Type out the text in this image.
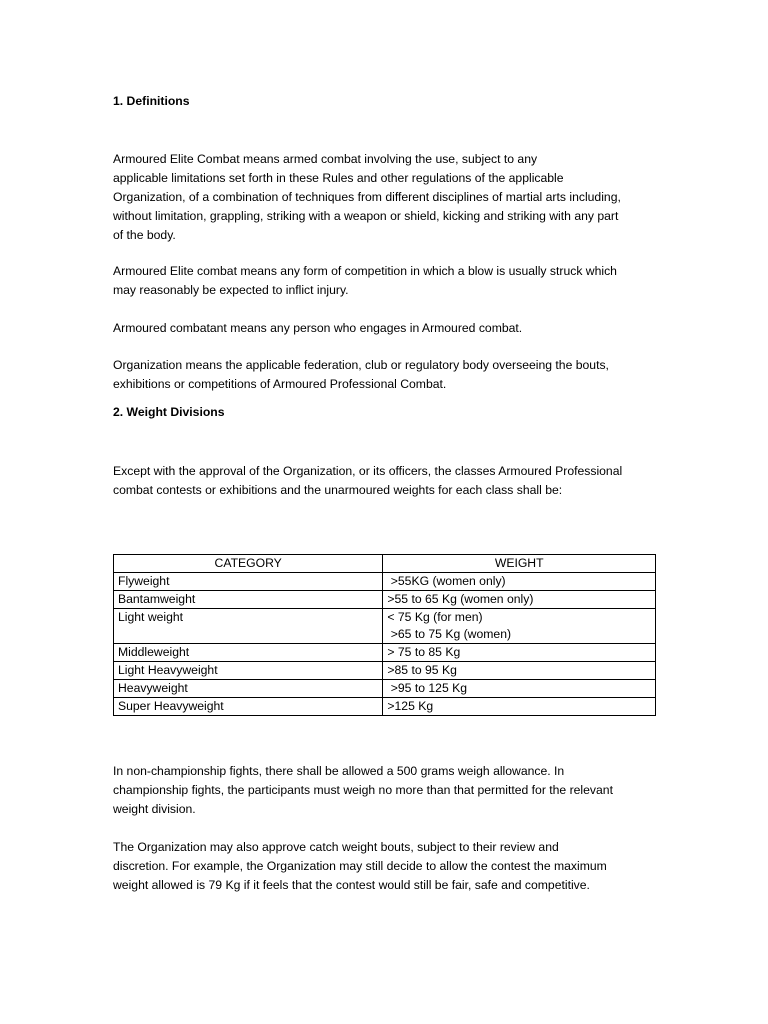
1. Definitions

Armoured Elite Combat means armed combat involving the use, subject to any
applicable limitations set forth in these Rules and other regulations of the applicable
Organization, of a combination of techniques from different disciplines of martial arts including,
without limitation, grappling, striking with a weapon or shield, kicking and striking with any part
of the body.

Armoured Elite combat means any form of competition in which a blow is usually struck which
may reasonably be expected to inflict injury.

Armoured combatant means any person who engages in Armoured combat.

Organization means the applicable federation, club or regulatory body overseeing the bouts,
exhibitions or competitions of Armoured Professional Combat.

2. Weight Divisions

Except with the approval of the Organization, or its officers, the classes Armoured Professional
combat contests or exhibitions and the unarmoured weights for each class shall be:

CATEGORY	WEIGHT
Flyweight	>55KG (women only)
Bantamweight	>55 to 65 Kg (women only)
Light weight	< 75 Kg (for men)
>65 to 75 Kg (women)

Middleweight	> 75 to 85 Kg
Light Heavyweight	>85 to 95 Kg
Heavyweight	>95 to 125 Kg
Super Heavyweight	>125 Kg

In non-championship fights, there shall be allowed a 500 grams weigh allowance. In
championship fights, the participants must weigh no more than that permitted for the relevant
weight division.

The Organization may also approve catch weight bouts, subject to their review and
discretion. For example, the Organization may still decide to allow the contest the maximum
weight allowed is 79 Kg if it feels that the contest would still be fair, safe and competitive.
